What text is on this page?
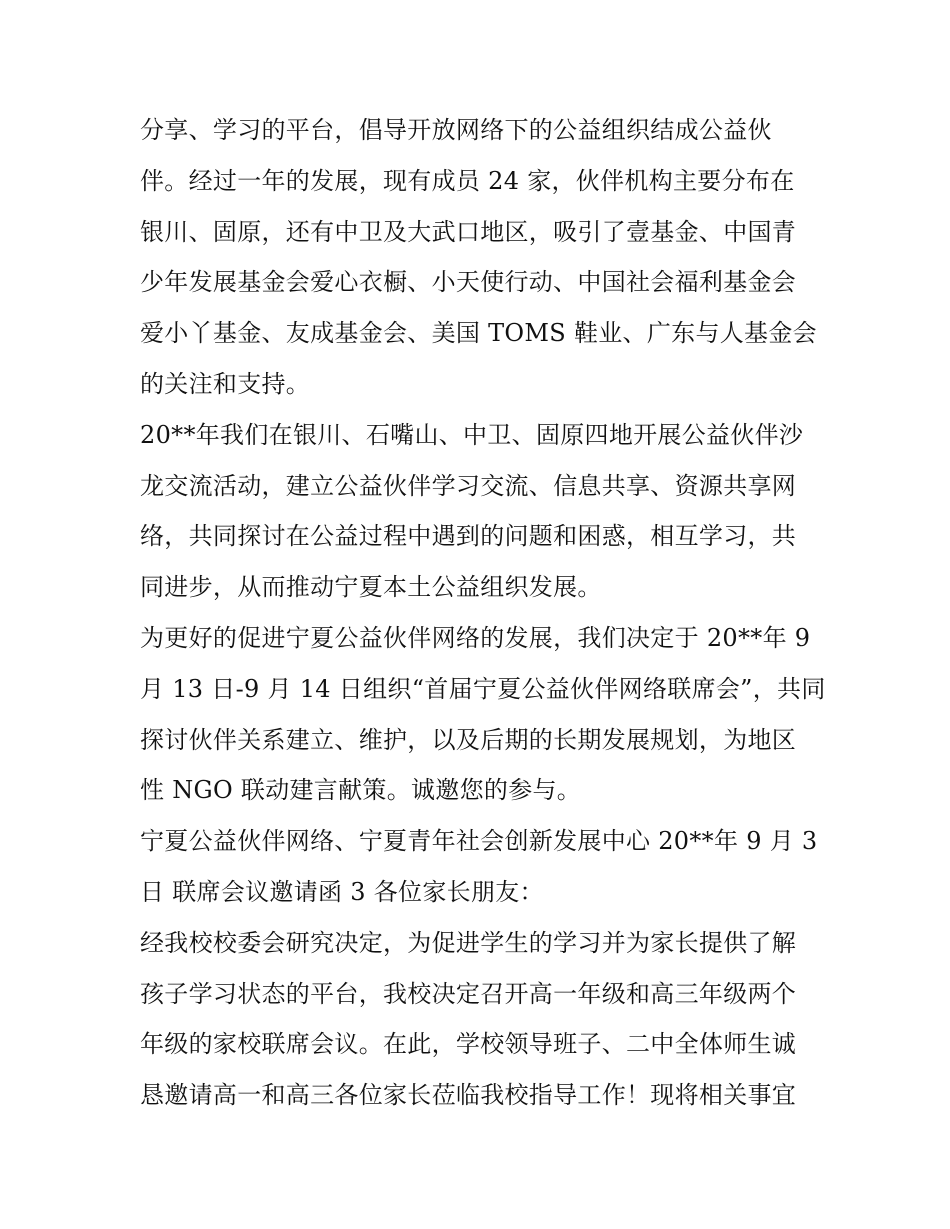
分享、学习的平台，倡导开放网络下的公益组织结成公益伙
伴。经过一年的发展，现有成员 24 家，伙伴机构主要分布在
银川、固原，还有中卫及大武口地区，吸引了壹基金、中国青
少年发展基金会爱心衣橱、小天使行动、中国社会福利基金会
爱小丫基金、友成基金会、美国 TOMS 鞋业、广东与人基金会
的关注和支持。
20**年我们在银川、石嘴山、中卫、固原四地开展公益伙伴沙
龙交流活动，建立公益伙伴学习交流、信息共享、资源共享网
络，共同探讨在公益过程中遇到的问题和困惑，相互学习，共
同进步，从而推动宁夏本土公益组织发展。
为更好的促进宁夏公益伙伴网络的发展，我们决定于 20**年 9
月 13 日-9 月 14 日组织“首届宁夏公益伙伴网络联席会”，共同
探讨伙伴关系建立、维护，以及后期的长期发展规划，为地区
性 NGO 联动建言献策。诚邀您的参与。
宁夏公益伙伴网络、宁夏青年社会创新发展中心 20**年 9 月 3
日 联席会议邀请函 3 各位家长朋友：
经我校校委会研究决定，为促进学生的学习并为家长提供了解
孩子学习状态的平台，我校决定召开高一年级和高三年级两个
年级的家校联席会议。在此，学校领导班子、二中全体师生诚
恳邀请高一和高三各位家长莅临我校指导工作！现将相关事宜
